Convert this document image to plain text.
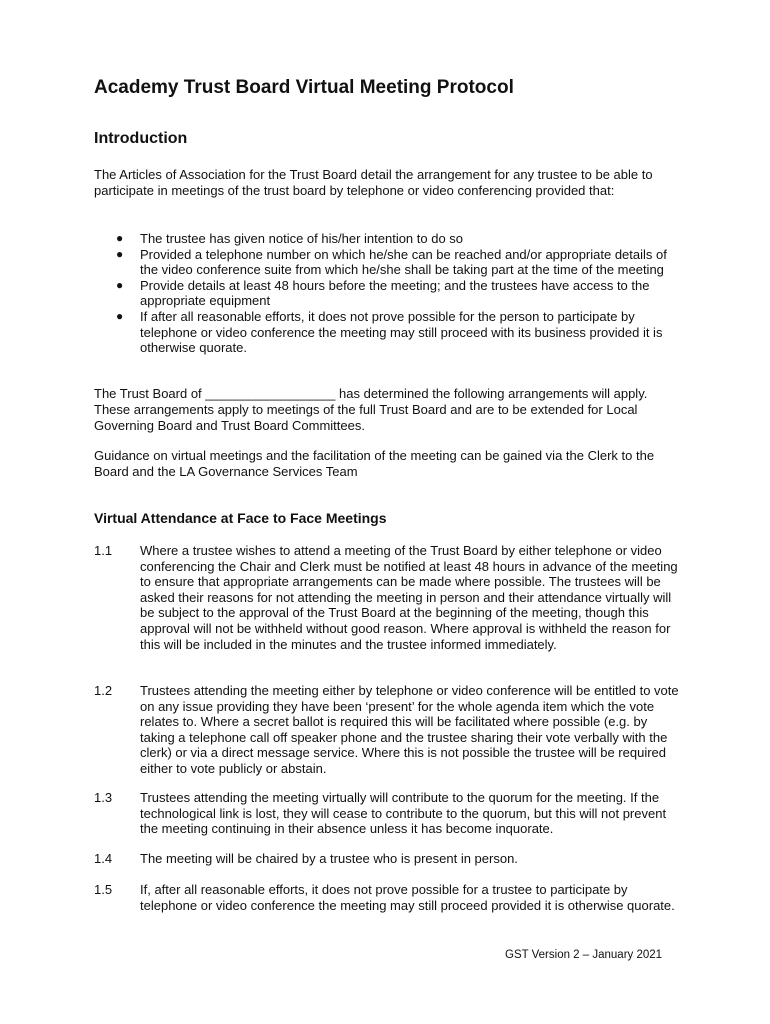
Academy Trust Board Virtual Meeting Protocol
Introduction

The Articles of Association for the Trust Board detail the arrangement for any trustee to be able to participate in meetings of the trust board by telephone or video conferencing provided that:

● The trustee has given notice of his/her intention to do so
● Provided a telephone number on which he/she can be reached and/or appropriate details of the video conference suite from which he/she shall be taking part at the time of the meeting
● Provide details at least 48 hours before the meeting; and the trustees have access to the appropriate equipment
● If after all reasonable efforts, it does not prove possible for the person to participate by telephone or video conference the meeting may still proceed with its business provided it is otherwise quorate.

The Trust Board of __________________ has determined the following arrangements will apply. These arrangements apply to meetings of the full Trust Board and are to be extended for Local Governing Board and Trust Board Committees.

Guidance on virtual meetings and the facilitation of the meeting can be gained via the Clerk to the Board and the LA Governance Services Team

Virtual Attendance at Face to Face Meetings
1.1 Where a trustee wishes to attend a meeting of the Trust Board by either telephone or video conferencing the Chair and Clerk must be notified at least 48 hours in advance of the meeting to ensure that appropriate arrangements can be made where possible. The trustees will be asked their reasons for not attending the meeting in person and their attendance virtually will be subject to the approval of the Trust Board at the beginning of the meeting, though this approval will not be withheld without good reason. Where approval is withheld the reason for this will be included in the minutes and the trustee informed immediately.
1.2 Trustees attending the meeting either by telephone or video conference will be entitled to vote on any issue providing they have been ‘present’ for the whole agenda item which the vote relates to. Where a secret ballot is required this will be facilitated where possible (e.g. by taking a telephone call off speaker phone and the trustee sharing their vote verbally with the clerk) or via a direct message service. Where this is not possible the trustee will be required either to vote publicly or abstain.
1.3 Trustees attending the meeting virtually will contribute to the quorum for the meeting. If the technological link is lost, they will cease to contribute to the quorum, but this will not prevent the meeting continuing in their absence unless it has become inquorate.
1.4 The meeting will be chaired by a trustee who is present in person.
1.5 If, after all reasonable efforts, it does not prove possible for a trustee to participate by telephone or video conference the meeting may still proceed provided it is otherwise quorate.
GST Version 2 – January 2021
